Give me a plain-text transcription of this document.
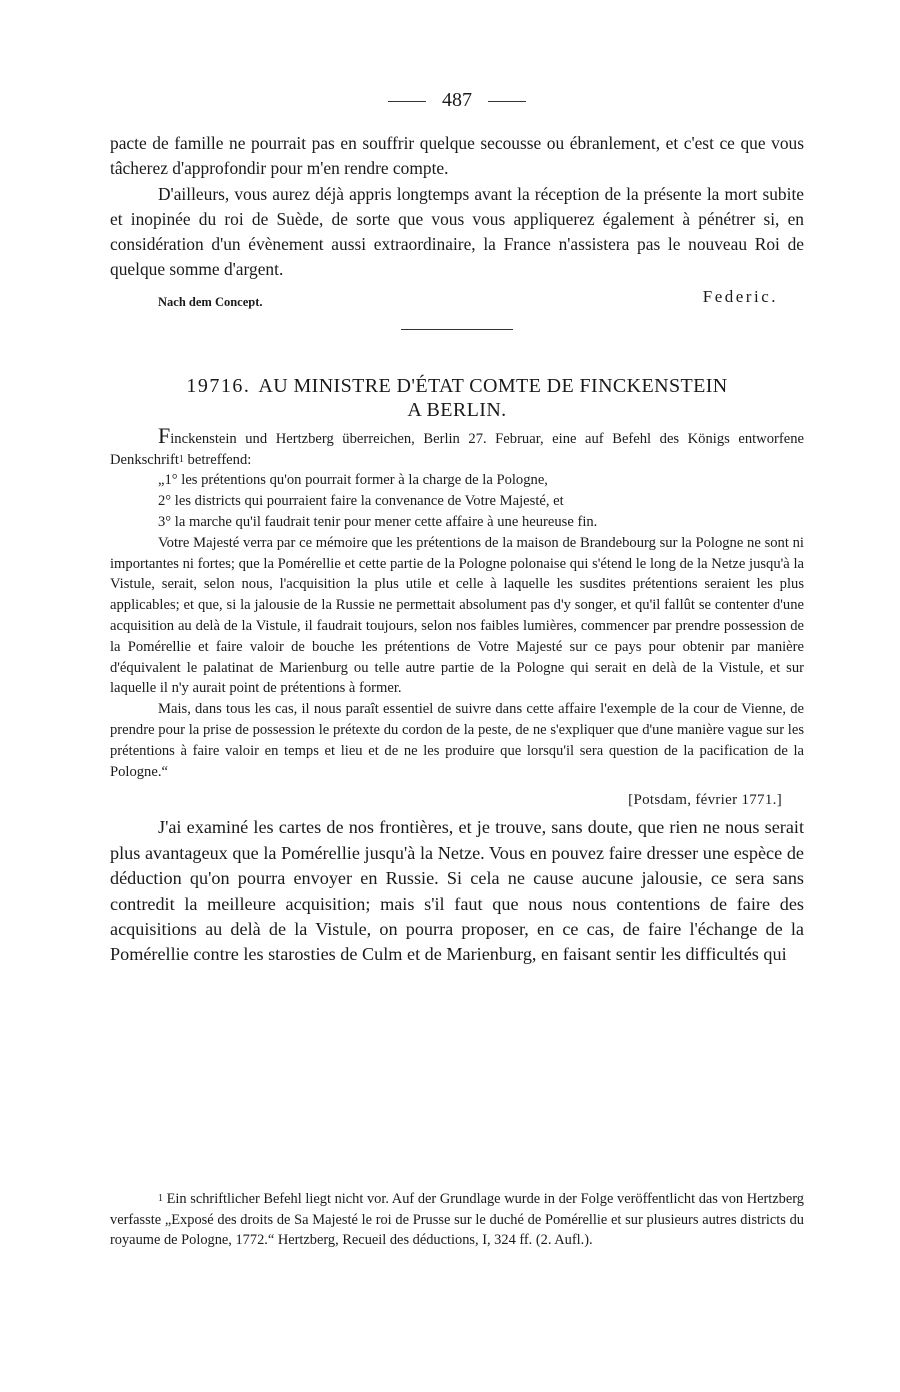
487

pacte de famille ne pourrait pas en souffrir quelque secousse ou ébranlement, et c'est ce que vous tâcherez d'approfondir pour m'en rendre compte.

D'ailleurs, vous aurez déjà appris longtemps avant la réception de la présente la mort subite et inopinée du roi de Suède, de sorte que vous vous appliquerez également à pénétrer si, en considération d'un évènement aussi extraordinaire, la France n'assistera pas le nouveau Roi de quelque somme d'argent.

Nach dem Concept.	Federic.
19716. AU MINISTRE D'ÉTAT COMTE DE FINCKENSTEIN
A BERLIN.

Finckenstein und Hertzberg überreichen, Berlin 27. Februar, eine auf Befehl des Königs entworfene Denkschrift$^1$ betreffend:

„1° les prétentions qu'on pourrait former à la charge de la Pologne,

2° les districts qui pourraient faire la convenance de Votre Majesté, et

3° la marche qu'il faudrait tenir pour mener cette affaire à une heureuse fin.

Votre Majesté verra par ce mémoire que les prétentions de la maison de Brandebourg sur la Pologne ne sont ni importantes ni fortes; que la Pomérellie et cette partie de la Pologne polonaise qui s'étend le long de la Netze jusqu'à la Vistule, serait, selon nous, l'acquisition la plus utile et celle à laquelle les susdites prétentions seraient les plus applicables; et que, si la jalousie de la Russie ne permettait absolument pas d'y songer, et qu'il fallût se contenter d'une acquisition au delà de la Vistule, il faudrait toujours, selon nos faibles lumières, commencer par prendre possession de la Pomérellie et faire valoir de bouche les prétentions de Votre Majesté sur ce pays pour obtenir par manière d'équivalent le palatinat de Marienburg ou telle autre partie de la Pologne qui serait en delà de la Vistule, et sur laquelle il n'y aurait point de prétentions à former.

Mais, dans tous les cas, il nous paraît essentiel de suivre dans cette affaire l'exemple de la cour de Vienne, de prendre pour la prise de possession le prétexte du cordon de la peste, de ne s'expliquer que d'une manière vague sur les prétentions à faire valoir en temps et lieu et de ne les produire que lorsqu'il sera question de la pacification de la Pologne.“

[Potsdam, février 1771.]

J'ai examiné les cartes de nos frontières, et je trouve, sans doute, que rien ne nous serait plus avantageux que la Pomérellie jusqu'à la Netze. Vous en pouvez faire dresser une espèce de déduction qu'on pourra envoyer en Russie. Si cela ne cause aucune jalousie, ce sera sans contredit la meilleure acquisition; mais s'il faut que nous nous contentions de faire des acquisitions au delà de la Vistule, on pourra proposer, en ce cas, de faire l'échange de la Pomérellie contre les starosties de Culm et de Marienburg, en faisant sentir les difficultés qui

$^1$ Ein schriftlicher Befehl liegt nicht vor. Auf der Grundlage wurde in der Folge veröffentlicht das von Hertzberg verfasste „Exposé des droits de Sa Majesté le roi de Prusse sur le duché de Pomérellie et sur plusieurs autres districts du royaume de Pologne, 1772.“ Hertzberg, Recueil des déductions, I, 324 ff. (2. Aufl.).
